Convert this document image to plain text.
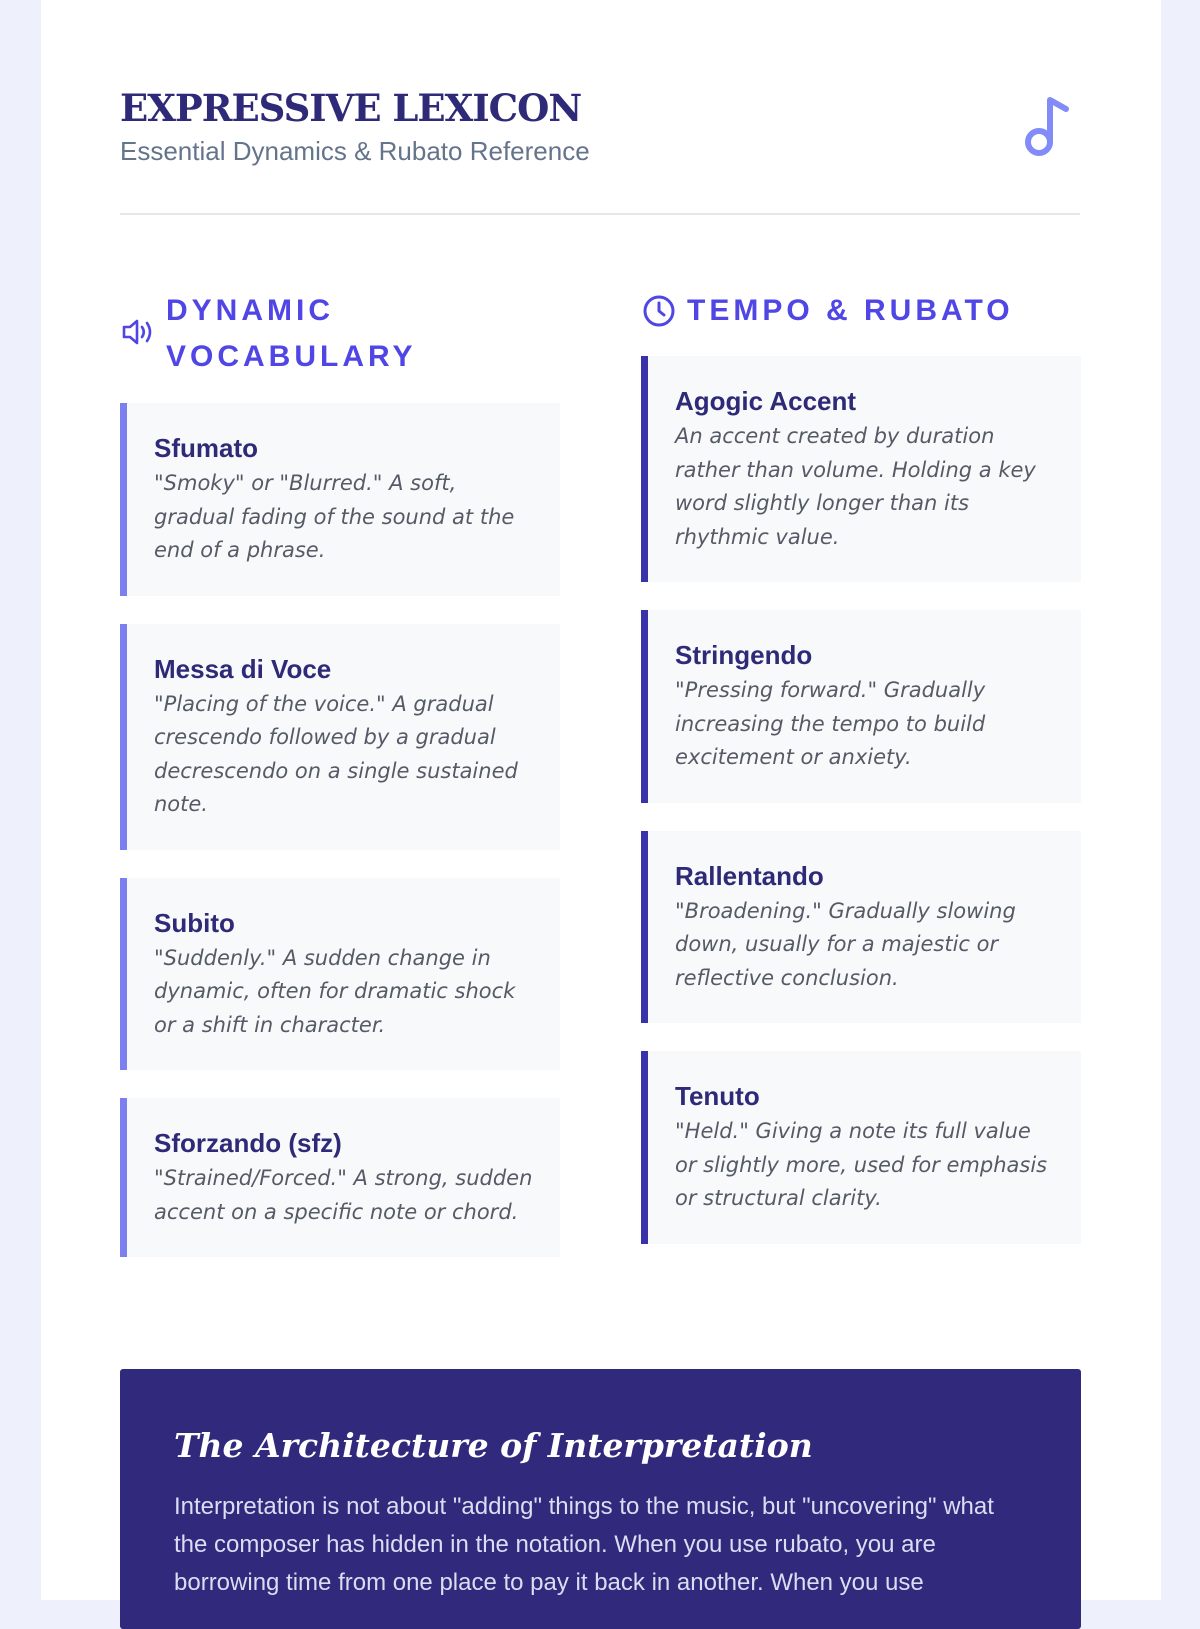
EXPRESSIVE LEXICON
Essential Dynamics & Rubato Reference
DYNAMIC VOCABULARY
Sfumato
"Smoky" or "Blurred." A soft, gradual fading of the sound at the end of a phrase.
Messa di Voce
"Placing of the voice." A gradual crescendo followed by a gradual decrescendo on a single sustained note.
Subito
"Suddenly." A sudden change in dynamic, often for dramatic shock or a shift in character.
Sforzando (sfz)
"Strained/Forced." A strong, sudden accent on a specific note or chord.
TEMPO & RUBATO
Agogic Accent
An accent created by duration rather than volume. Holding a key word slightly longer than its rhythmic value.
Stringendo
"Pressing forward." Gradually increasing the tempo to build excitement or anxiety.
Rallentando
"Broadening." Gradually slowing down, usually for a majestic or reflective conclusion.
Tenuto
"Held." Giving a note its full value or slightly more, used for emphasis or structural clarity.
The Architecture of Interpretation
Interpretation is not about "adding" things to the music, but "uncovering" what the composer has hidden in the notation. When you use rubato, you are borrowing time from one place to pay it back in another. When you use
